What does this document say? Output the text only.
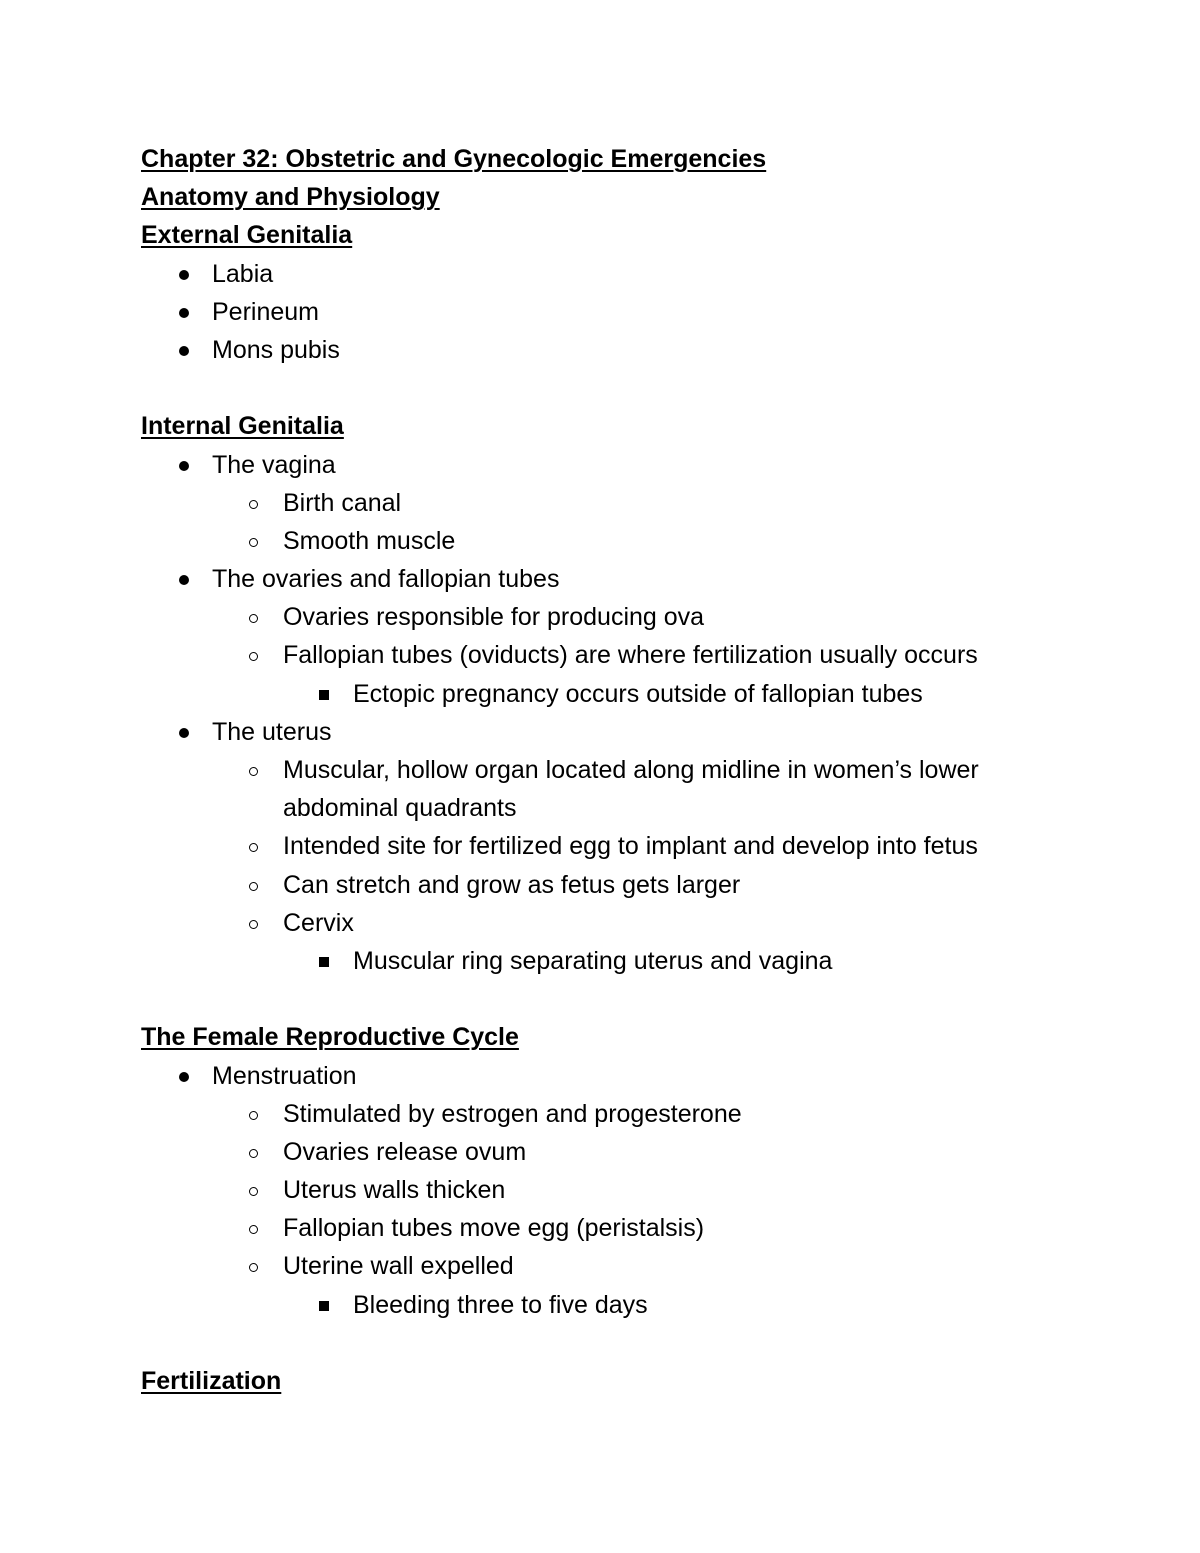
Chapter 32: Obstetric and Gynecologic Emergencies
Anatomy and Physiology
External Genitalia
Labia
Perineum
Mons pubis
Internal Genitalia
The vagina
Birth canal
Smooth muscle
The ovaries and fallopian tubes
Ovaries responsible for producing ova
Fallopian tubes (oviducts) are where fertilization usually occurs
Ectopic pregnancy occurs outside of fallopian tubes
The uterus
Muscular, hollow organ located along midline in women’s lower
abdominal quadrants
Intended site for fertilized egg to implant and develop into fetus
Can stretch and grow as fetus gets larger
Cervix
Muscular ring separating uterus and vagina
The Female Reproductive Cycle
Menstruation
Stimulated by estrogen and progesterone
Ovaries release ovum
Uterus walls thicken
Fallopian tubes move egg (peristalsis)
Uterine wall expelled
Bleeding three to five days
Fertilization
